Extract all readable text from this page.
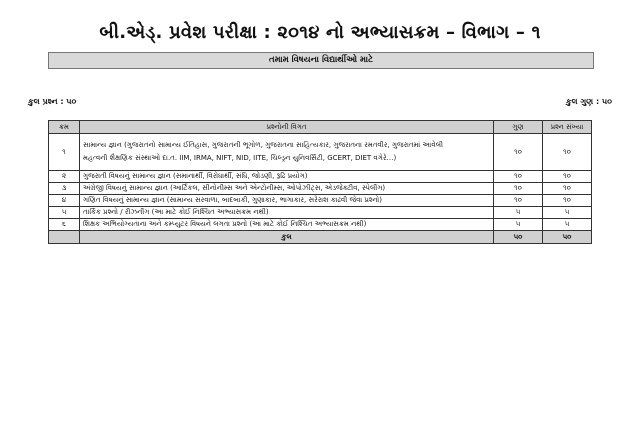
બી.એડ્. પ્રવેશ પરીક્ષા : ૨૦૧૪ નો અભ્યાસક્રમ – વિભાગ – ૧
તમામ વિષયના વિદ્યાર્થીઓ માટે
કુલ પ્રશ્ન : ૫૦	કુલ ગુણ : ૫૦
ક્રમ	પ્રશ્નોની વિગત	ગુણ	પ્રશ્ન સંખ્યા
૧	સામાન્ય જ્ઞાન (ગુજરાતનો સામાન્ય ઈતિહાસ, ગુજરાતની ભૂગોળ, ગુજરાતના સાહિત્યકાર, ગુજરાતના રમતવીર, ગુજરાતમાં આવેલી
મહત્વની શૈક્ષણિક સંસ્થાઓ દા.ત. IIM, IRMA, NIFT, NID, IITE, ચિલ્ડ્રન યુનિવર્સિટી, GCERT, DIET વગેરે…)	૧૦	૧૦
૨	ગુજરાતી વિષયનું સામાન્ય જ્ઞાન (સમાનાર્થી, વિરોધાર્થી, સંધિ, જોડણી, રૂઢિ પ્રયોગ)	૧૦	૧૦
૩	અંગ્રેજી વિષયનું સામાન્ય જ્ઞાન (આર્ટિકલ, સીનોનીમ્સ અને એન્ટોનીમ્સ, ઓપોઝીટ્સ, એડજેક્ટીવ, સ્પેલીંગ)	૧૦	૧૦
૪	ગણિત વિષયનું સામાન્ય જ્ઞાન (સામાન્ય સરવાળા, બાદબાકી, ગુણાકાર, ભાગાકાર, સરેરાશ કાઢવી જેવા પ્રશ્નો)	૧૦	૧૦
૫	તાર્કિક પ્રશ્નો / રીઝનીંગ (આ માટે કોઈ નિશ્ચિત અભ્યાસક્રમ નથી)	૫	૫
૬	શિક્ષક અભિયોગ્યતાના અને કમ્પ્યુટર વિષયને લગતા પ્રશ્નો (આ માટે કોઈ નિશ્ચિત અભ્યાસક્રમ નથી)	૫	૫
	કુલ	૫૦	૫૦
